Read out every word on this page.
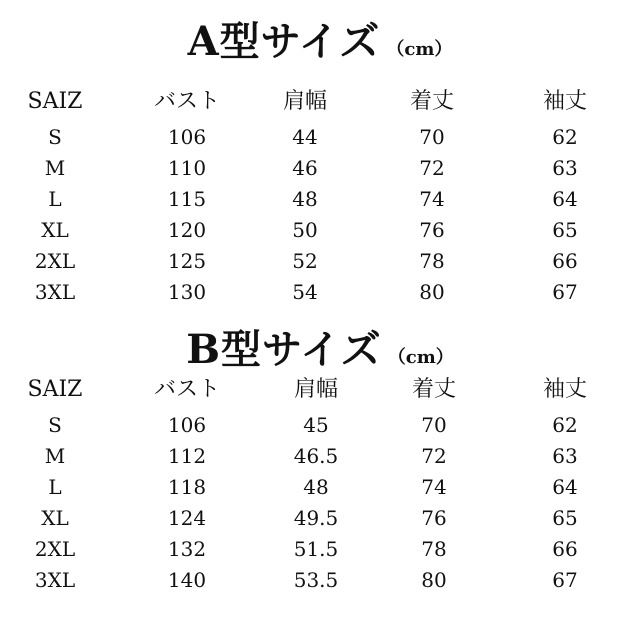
A型サイズ （cm）
SAIZ	バスト	肩幅	着丈	袖丈
S	106	44	70	62
M	110	46	72	63
L	115	48	74	64
XL	120	50	76	65
2XL	125	52	78	66
3XL	130	54	80	67
B型サイズ （cm）
SAIZ	バスト	肩幅	着丈	袖丈
S	106	45	70	62
M	112	46.5	72	63
L	118	48	74	64
XL	124	49.5	76	65
2XL	132	51.5	78	66
3XL	140	53.5	80	67
